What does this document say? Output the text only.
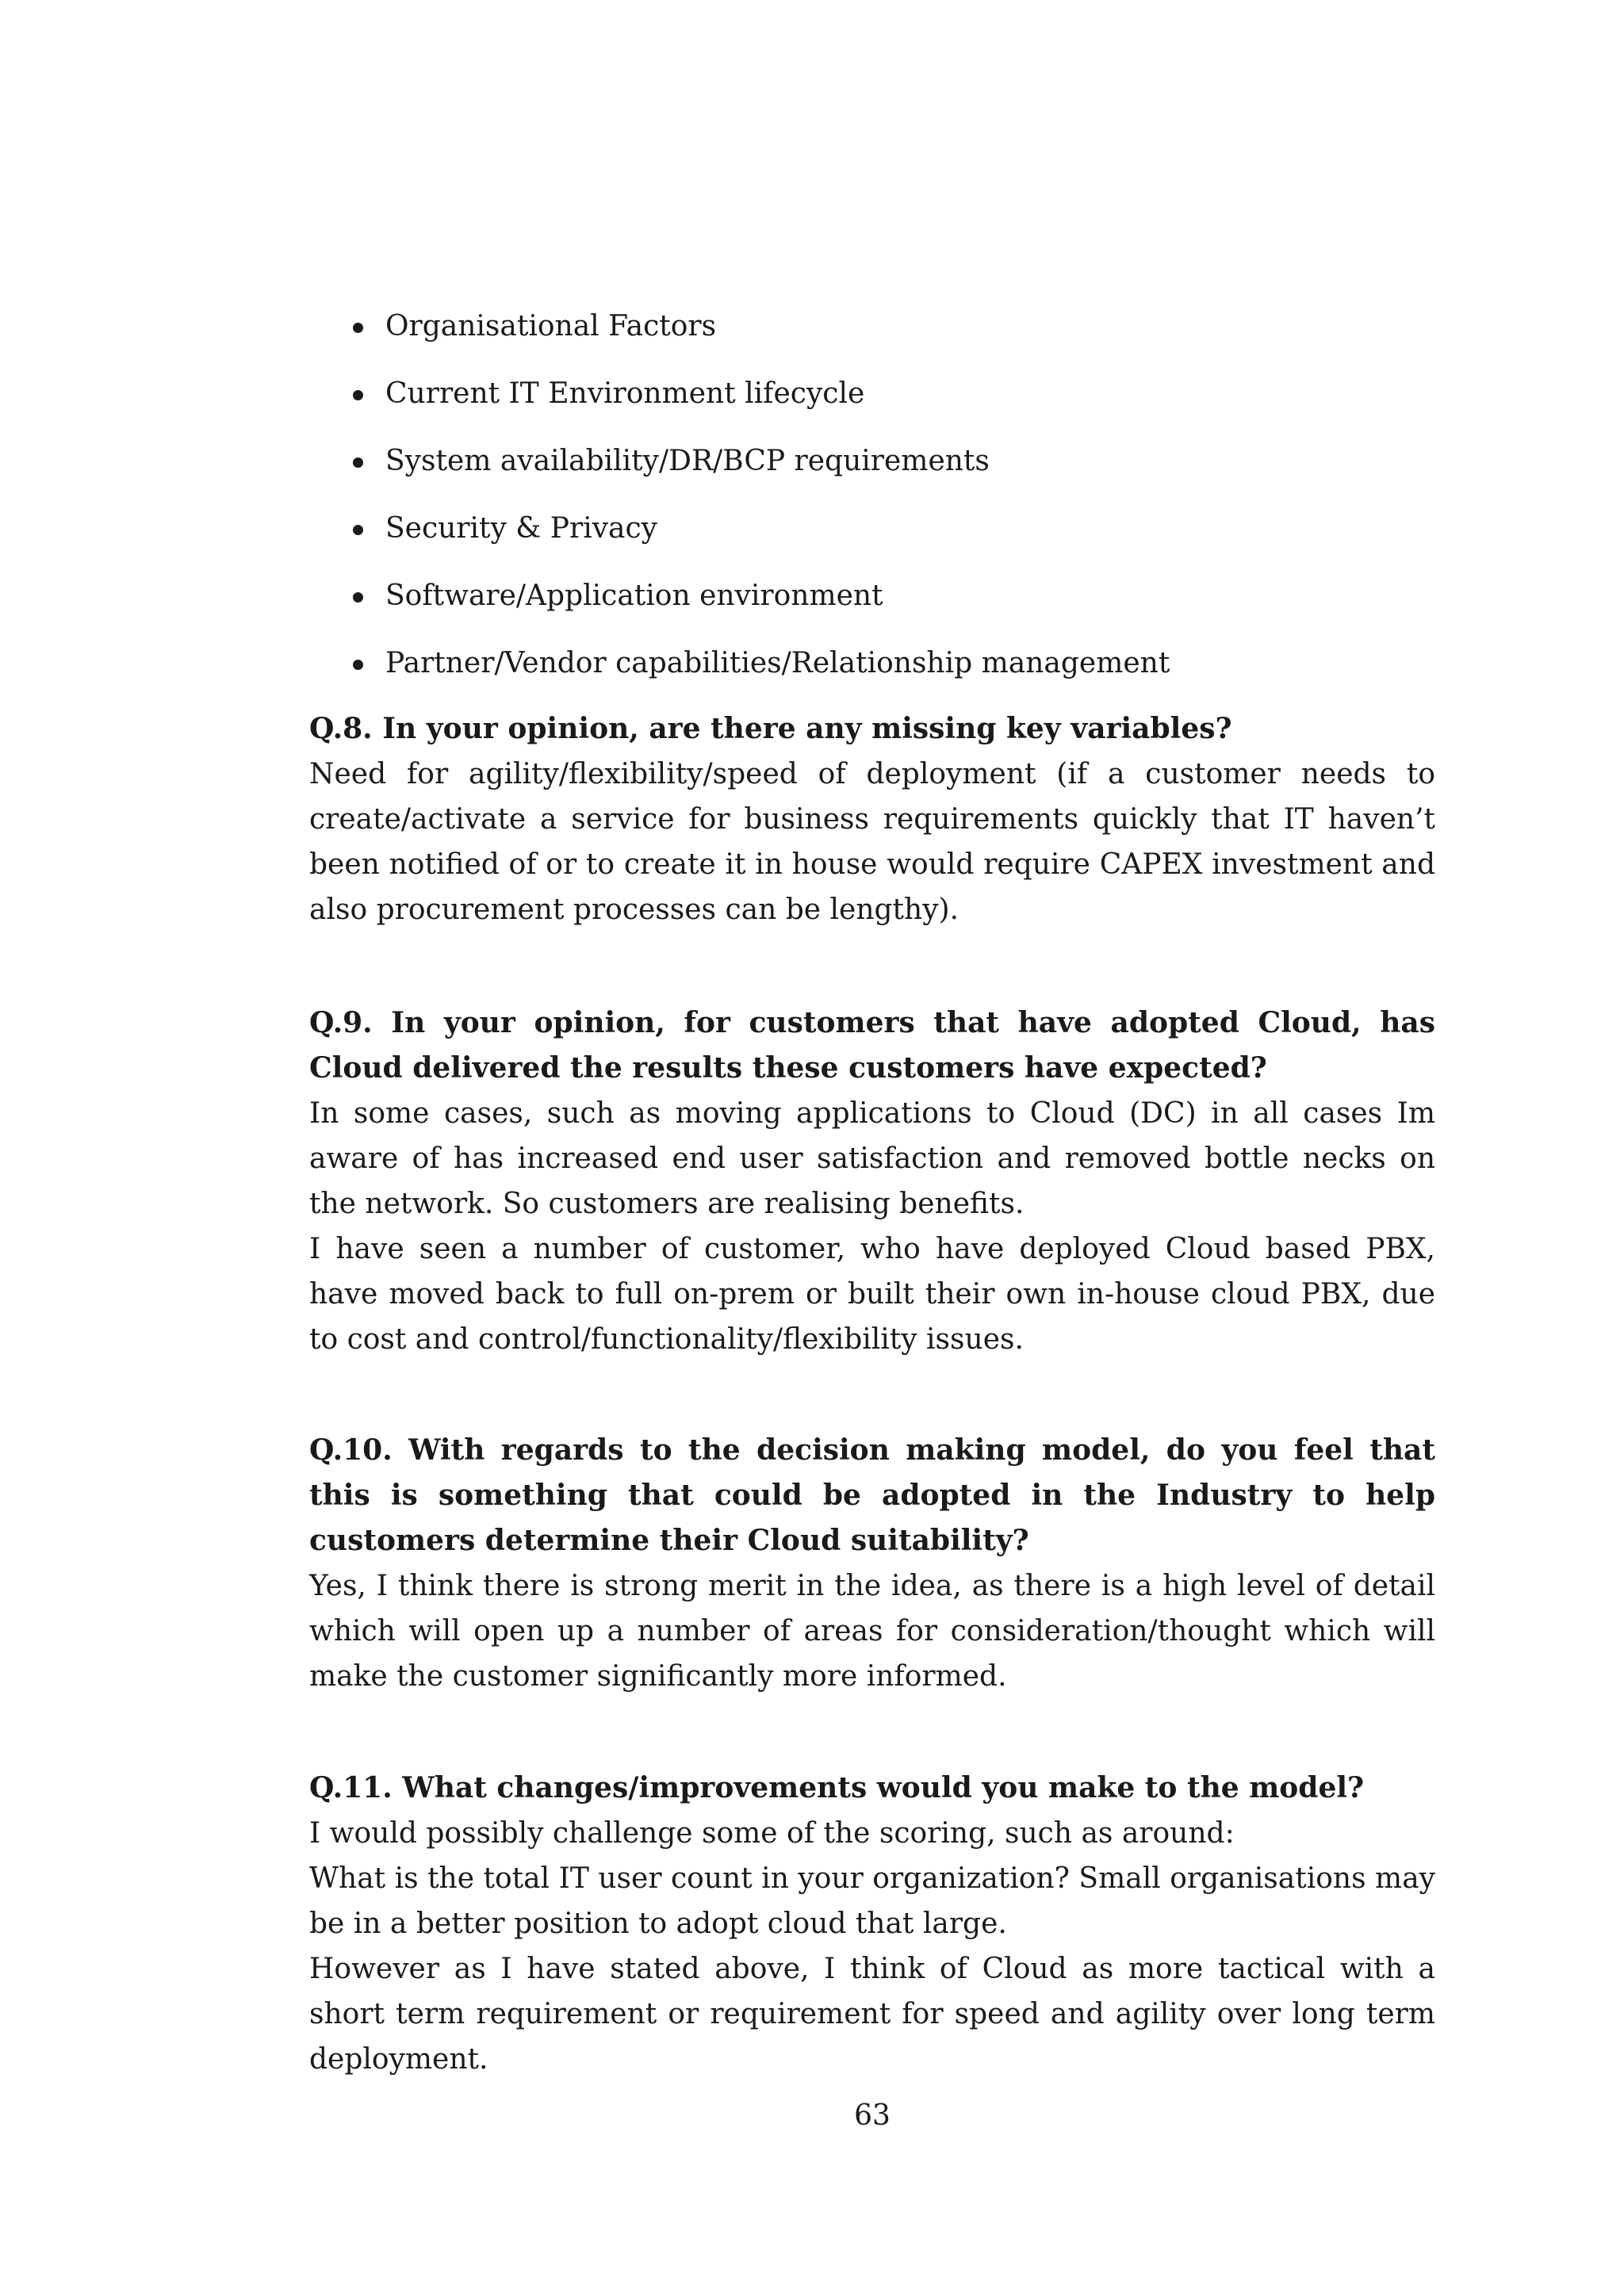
Organisational Factors
Current IT Environment lifecycle
System availability/DR/BCP requirements
Security & Privacy
Software/Application environment
Partner/Vendor capabilities/Relationship management

Q.8. In your opinion, are there any missing key variables?

Need for agility/flexibility/speed of deployment (if a customer needs to create/activate a service for business requirements quickly that IT haven’t been notified of or to create it in house would require CAPEX investment and also procurement processes can be lengthy).

Q.9. In your opinion, for customers that have adopted Cloud, has Cloud delivered the results these customers have expected?

In some cases, such as moving applications to Cloud (DC) in all cases Im aware of has increased end user satisfaction and removed bottle necks on the network. So customers are realising benefits.

I have seen a number of customer, who have deployed Cloud based PBX, have moved back to full on-prem or built their own in-house cloud PBX, due to cost and control/functionality/flexibility issues.

Q.10. With regards to the decision making model, do you feel that this is something that could be adopted in the Industry to help customers determine their Cloud suitability?

Yes, I think there is strong merit in the idea, as there is a high level of detail which will open up a number of areas for consideration/thought which will make the customer significantly more informed.

Q.11. What changes/improvements would you make to the model?

I would possibly challenge some of the scoring, such as around:

What is the total IT user count in your organization? Small organisations may be in a better position to adopt cloud that large.

However as I have stated above, I think of Cloud as more tactical with a short term requirement or requirement for speed and agility over long term deployment.

63
